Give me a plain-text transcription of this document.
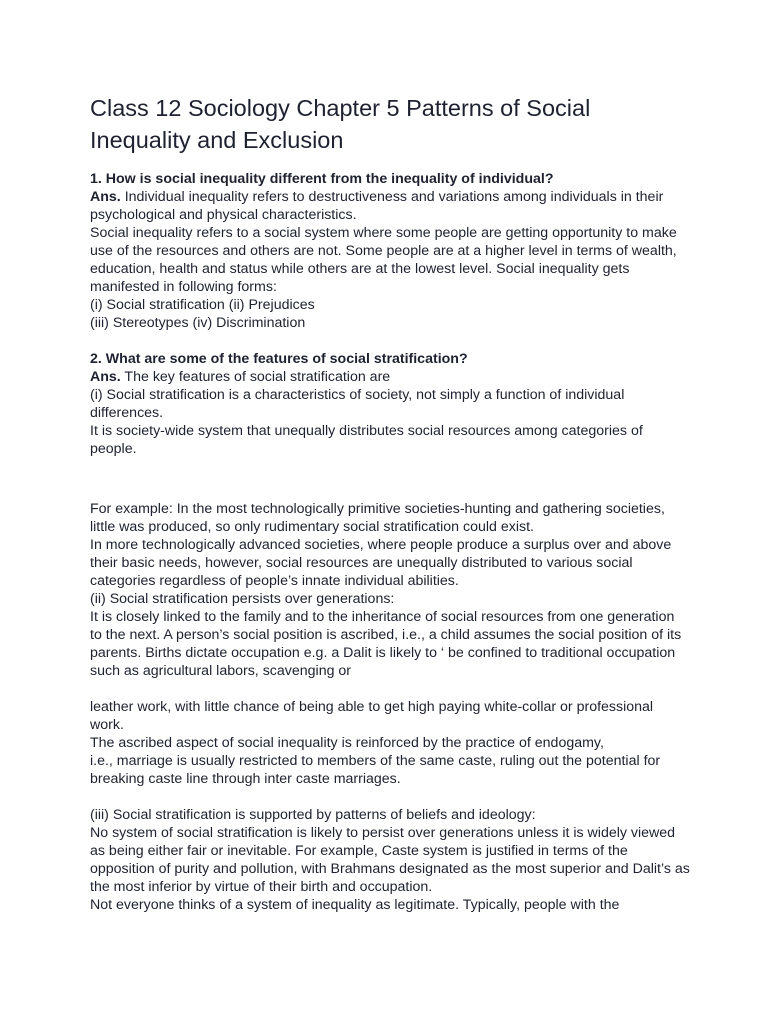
Class 12 Sociology Chapter 5 Patterns of Social Inequality and Exclusion

1. How is social inequality different from the inequality of individual?

Ans. Individual inequality refers to destructiveness and variations among individuals in their psychological and physical characteristics.

Social inequality refers to a social system where some people are getting opportunity to make use of the resources and others are not. Some people are at a higher level in terms of wealth, education, health and status while others are at the lowest level. Social inequality gets manifested in following forms:

(i) Social stratification (ii) Prejudices

(iii) Stereotypes (iv) Discrimination

2. What are some of the features of social stratification?

Ans. The key features of social stratification are

(i) Social stratification is a characteristics of society, not simply a function of individual differences.

It is society-wide system that unequally distributes social resources among categories of people.

For example: In the most technologically primitive societies-hunting and gathering societies, little was produced, so only rudimentary social stratification could exist.

In more technologically advanced societies, where people produce a surplus over and above their basic needs, however, social resources are unequally distributed to various social categories regardless of people’s innate individual abilities.

(ii) Social stratification persists over generations:

It is closely linked to the family and to the inheritance of social resources from one generation to the next. A person’s social position is ascribed, i.e., a child assumes the social position of its parents. Births dictate occupation e.g. a Dalit is likely to ‘ be confined to traditional occupation such as agricultural labors, scavenging or

leather work, with little chance of being able to get high paying white-collar or professional work.

The ascribed aspect of social inequality is reinforced by the practice of endogamy,

i.e., marriage is usually restricted to members of the same caste, ruling out the potential for breaking caste line through inter caste marriages.

(iii) Social stratification is supported by patterns of beliefs and ideology:

No system of social stratification is likely to persist over generations unless it is widely viewed as being either fair or inevitable. For example, Caste system is justified in terms of the opposition of purity and pollution, with Brahmans designated as the most superior and Dalit’s as the most inferior by virtue of their birth and occupation.

Not everyone thinks of a system of inequality as legitimate. Typically, people with the
